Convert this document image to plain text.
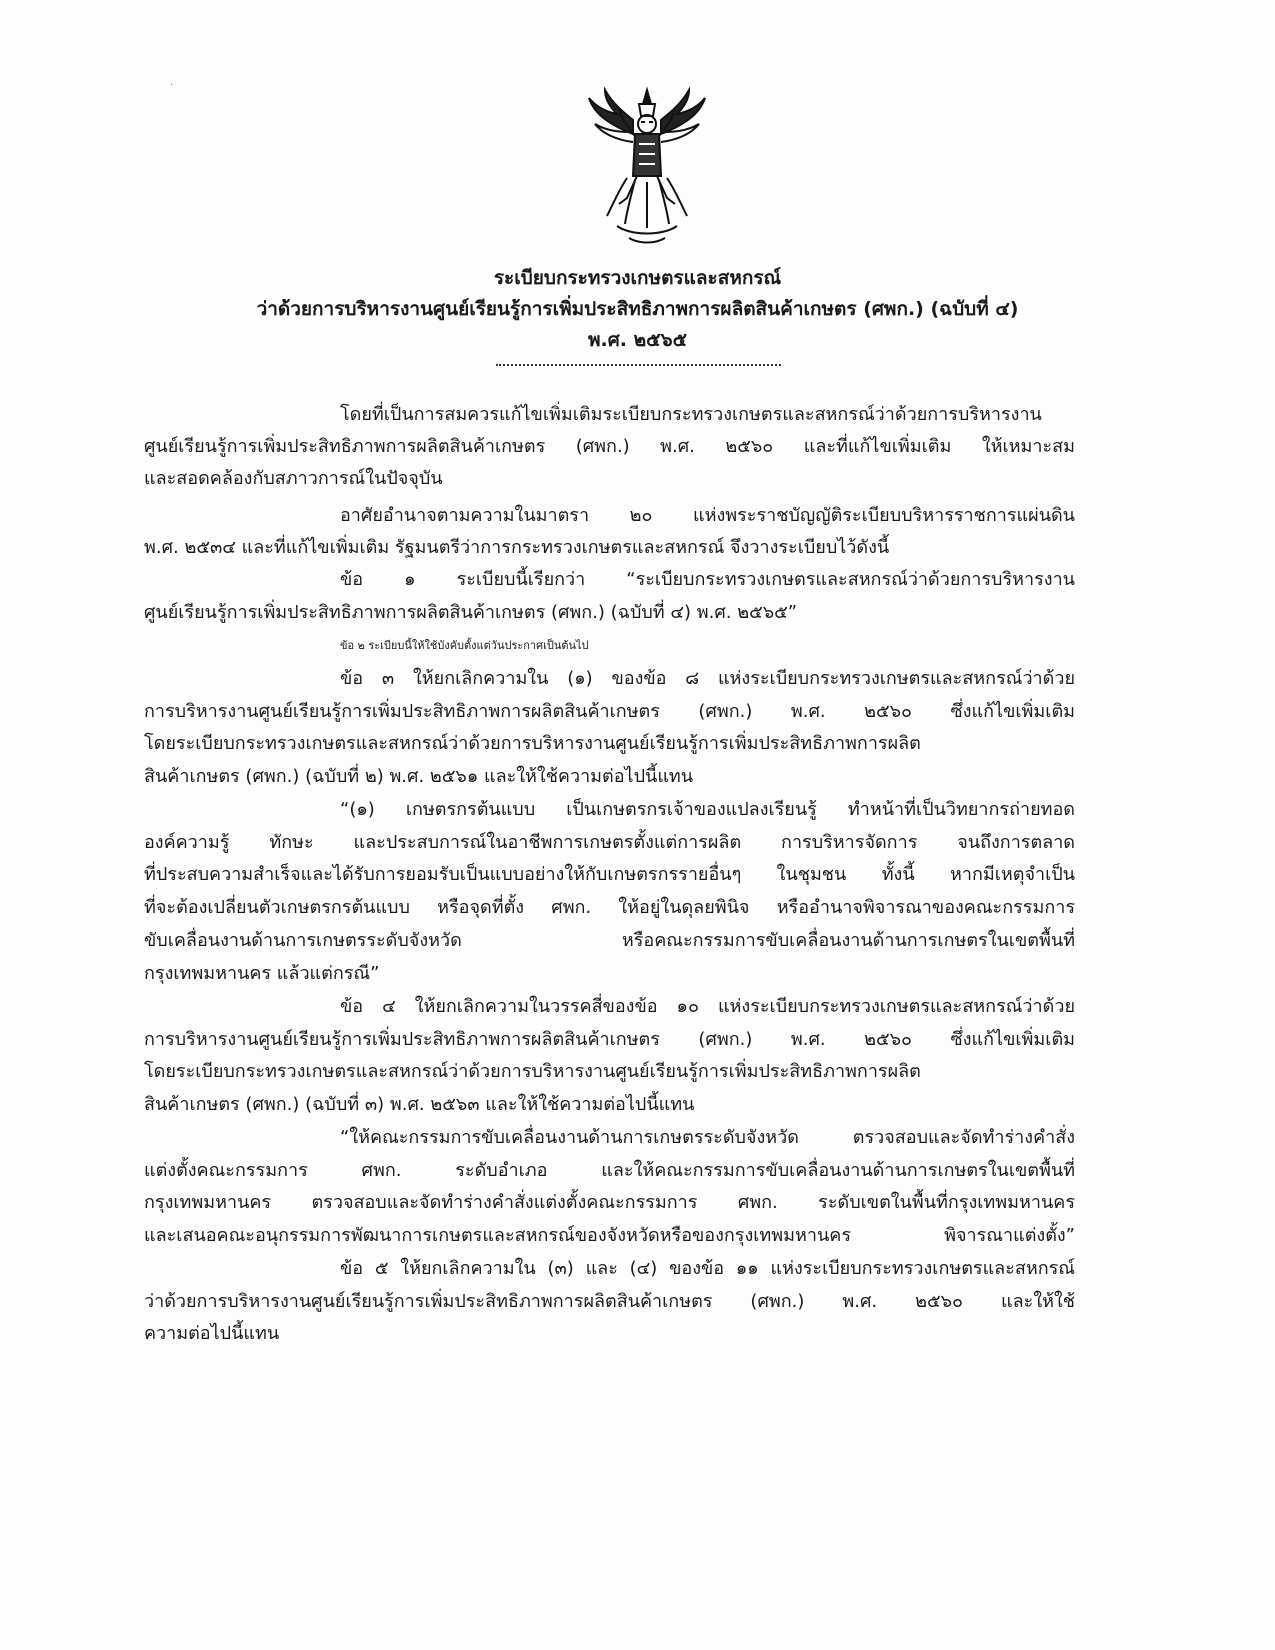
·
ระเบียบกระทรวงเกษตรและสหกรณ์
ว่าด้วยการบริหารงานศูนย์เรียนรู้การเพิ่มประสิทธิภาพการผลิตสินค้าเกษตร (ศพก.) (ฉบับที่ ๔)
พ.ศ. ๒๕๖๕
โดยที่เป็นการสมควรแก้ไขเพิ่มเติมระเบียบกระทรวงเกษตรและสหกรณ์ว่าด้วยการบริหารงาน
ศูนย์เรียนรู้การเพิ่มประสิทธิภาพการผลิตสินค้าเกษตร (ศพก.) พ.ศ. ๒๕๖๐ และที่แก้ไขเพิ่มเติม ให้เหมาะสม
และสอดคล้องกับสภาวการณ์ในปัจจุบัน
อาศัยอำนาจตามความในมาตรา ๒๐ แห่งพระราชบัญญัติระเบียบบริหารราชการแผ่นดิน
พ.ศ. ๒๕๓๔ และที่แก้ไขเพิ่มเติม รัฐมนตรีว่าการกระทรวงเกษตรและสหกรณ์ จึงวางระเบียบไว้ดังนี้
ข้อ ๑ ระเบียบนี้เรียกว่า “ระเบียบกระทรวงเกษตรและสหกรณ์ว่าด้วยการบริหารงาน
ศูนย์เรียนรู้การเพิ่มประสิทธิภาพการผลิตสินค้าเกษตร (ศพก.) (ฉบับที่ ๔) พ.ศ. ๒๕๖๕”
ข้อ ๒ ระเบียบนี้ให้ใช้บังคับตั้งแต่วันประกาศเป็นต้นไป
ข้อ ๓ ให้ยกเลิกความใน (๑) ของข้อ ๘ แห่งระเบียบกระทรวงเกษตรและสหกรณ์ว่าด้วย
การบริหารงานศูนย์เรียนรู้การเพิ่มประสิทธิภาพการผลิตสินค้าเกษตร (ศพก.) พ.ศ. ๒๕๖๐ ซึ่งแก้ไขเพิ่มเติม
โดยระเบียบกระทรวงเกษตรและสหกรณ์ว่าด้วยการบริหารงานศูนย์เรียนรู้การเพิ่มประสิทธิภาพการผลิต
สินค้าเกษตร (ศพก.) (ฉบับที่ ๒) พ.ศ. ๒๕๖๑ และให้ใช้ความต่อไปนี้แทน
“(๑) เกษตรกรต้นแบบ เป็นเกษตรกรเจ้าของแปลงเรียนรู้ ทำหน้าที่เป็นวิทยากรถ่ายทอด
องค์ความรู้ ทักษะ และประสบการณ์ในอาชีพการเกษตรตั้งแต่การผลิต การบริหารจัดการ จนถึงการตลาด
ที่ประสบความสำเร็จและได้รับการยอมรับเป็นแบบอย่างให้กับเกษตรกรรายอื่นๆ ในชุมชน ทั้งนี้ หากมีเหตุจำเป็น
ที่จะต้องเปลี่ยนตัวเกษตรกรต้นแบบ หรือจุดที่ตั้ง ศพก. ให้อยู่ในดุลยพินิจ หรืออำนาจพิจารณาของคณะกรรมการ
ขับเคลื่อนงานด้านการเกษตรระดับจังหวัด หรือคณะกรรมการขับเคลื่อนงานด้านการเกษตรในเขตพื้นที่
กรุงเทพมหานคร แล้วแต่กรณี”
ข้อ ๔ ให้ยกเลิกความในวรรคสี่ของข้อ ๑๐ แห่งระเบียบกระทรวงเกษตรและสหกรณ์ว่าด้วย
การบริหารงานศูนย์เรียนรู้การเพิ่มประสิทธิภาพการผลิตสินค้าเกษตร (ศพก.) พ.ศ. ๒๕๖๐ ซึ่งแก้ไขเพิ่มเติม
โดยระเบียบกระทรวงเกษตรและสหกรณ์ว่าด้วยการบริหารงานศูนย์เรียนรู้การเพิ่มประสิทธิภาพการผลิต
สินค้าเกษตร (ศพก.) (ฉบับที่ ๓) พ.ศ. ๒๕๖๓ และให้ใช้ความต่อไปนี้แทน
“ให้คณะกรรมการขับเคลื่อนงานด้านการเกษตรระดับจังหวัด ตรวจสอบและจัดทำร่างคำสั่ง
แต่งตั้งคณะกรรมการ ศพก. ระดับอำเภอ และให้คณะกรรมการขับเคลื่อนงานด้านการเกษตรในเขตพื้นที่
กรุงเทพมหานคร ตรวจสอบและจัดทำร่างคำสั่งแต่งตั้งคณะกรรมการ ศพก. ระดับเขตในพื้นที่กรุงเทพมหานคร
และเสนอคณะอนุกรรมการพัฒนาการเกษตรและสหกรณ์ของจังหวัดหรือของกรุงเทพมหานคร พิจารณาแต่งตั้ง”
ข้อ ๕ ให้ยกเลิกความใน (๓) และ (๔) ของข้อ ๑๑ แห่งระเบียบกระทรวงเกษตรและสหกรณ์
ว่าด้วยการบริหารงานศูนย์เรียนรู้การเพิ่มประสิทธิภาพการผลิตสินค้าเกษตร (ศพก.) พ.ศ. ๒๕๖๐ และให้ใช้
ความต่อไปนี้แทน
